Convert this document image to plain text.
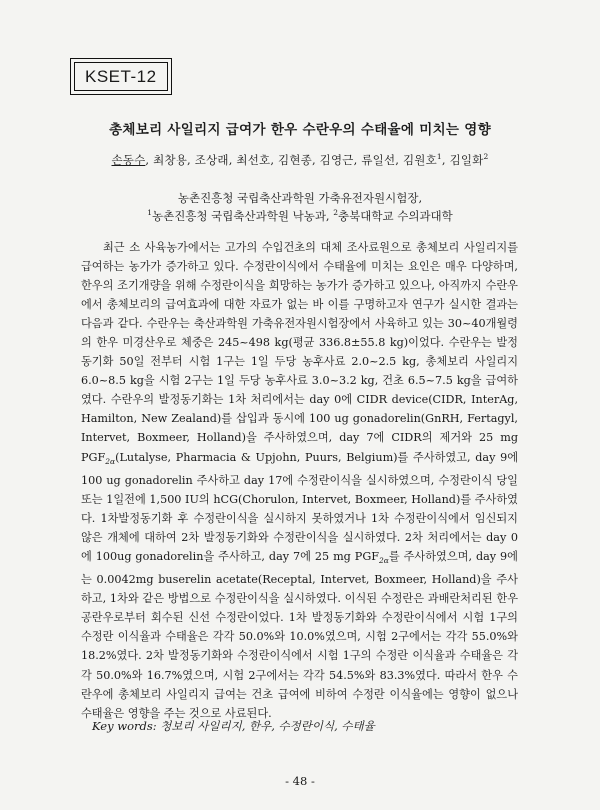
KSET-12
총체보리 사일리지 급여가 한우 수란우의 수태율에 미치는 영향
손동수, 최창용, 조상래, 최선호, 김현종, 김영근, 류일선, 김원호$^1$, 김일화$^2$
농촌진흥청 국립축산과학원 가축유전자원시험장,
$^1$농촌진흥청 국립축산과학원 낙농과, $^2$충북대학교 수의과대학

최근 소 사육농가에서는 고가의 수입건초의 대체 조사료원으로 총체보리 사일리지를 급여하는 농가가 증가하고 있다. 수정란이식에서 수태율에 미치는 요인은 매우 다양하며, 한우의 조기개량을 위해 수정란이식을 희망하는 농가가 증가하고 있으나, 아직까지 수란우에서 총체보리의 급여효과에 대한 자료가 없는 바 이를 구명하고자 연구가 실시한 결과는 다음과 같다. 수란우는 축산과학원 가축유전자원시험장에서 사육하고 있는 30~40개월령의 한우 미경산우로 체중은 245~498 kg(평균 336.8±55.8 kg)이었다. 수란우는 발정동기화 50일 전부터 시험 1구는 1일 두당 농후사료 2.0~2.5 kg, 총체보리 사일리지 6.0~8.5 kg을 시험 2구는 1일 두당 농후사료 3.0~3.2 kg, 건초 6.5~7.5 kg을 급여하였다. 수란우의 발정동기화는 1차 처리에서는 day 0에 CIDR device(CIDR, InterAg, Hamilton, New Zealand)를 삽입과 동시에 100 ug gonadorelin(GnRH, Fertagyl, Intervet, Boxmeer, Holland)을 주사하였으며, day 7에 CIDR의 제거와 25 mg $PGF_{2\alpha}(Lutalyse$, Pharmacia & Upjohn, Puurs, Belgium)를 주사하였고, day 9에 100 ug gonadorelin 주사하고 day 17에 수정란이식을 실시하였으며, 수정란이식 당일 또는 1일전에 1,500 IU의 hCG(Chorulon, Intervet, Boxmeer, Holland)를 주사하였다. 1차발정동기화 후 수정란이식을 실시하지 못하였거나 1차 수정란이식에서 임신되지 않은 개체에 대하여 2차 발정동기화와 수정란이식을 실시하였다. 2차 처리에서는 day 0에 100ug gonadorelin을 주사하고, day 7에 25 mg $PGF_{2\alpha}$를 주사하였으며, day 9에는 0.0042mg buserelin acetate(Receptal, Intervet, Boxmeer, Holland)을 주사하고, 1차와 같은 방법으로 수정란이식을 실시하였다. 이식된 수정란은 과배란처리된 한우 공란우로부터 회수된 신선 수정란이었다. 1차 발정동기화와 수정란이식에서 시험 1구의 수정란 이식율과 수태율은 각각 50.0%와 10.0%였으며, 시험 2구에서는 각각 55.0%와 18.2%였다. 2차 발정동기화와 수정란이식에서 시험 1구의 수정란 이식율과 수태율은 각각 50.0%와 16.7%였으며, 시험 2구에서는 각각 54.5%와 83.3%였다. 따라서 한우 수란우에 총체보리 사일리지 급여는 건초 급여에 비하여 수정란 이식율에는 영향이 없으나 수태율은 영향을 주는 것으로 사료된다.

Key words: 청보리 사일리지, 한우, 수정란이식, 수태율
- 48 -
